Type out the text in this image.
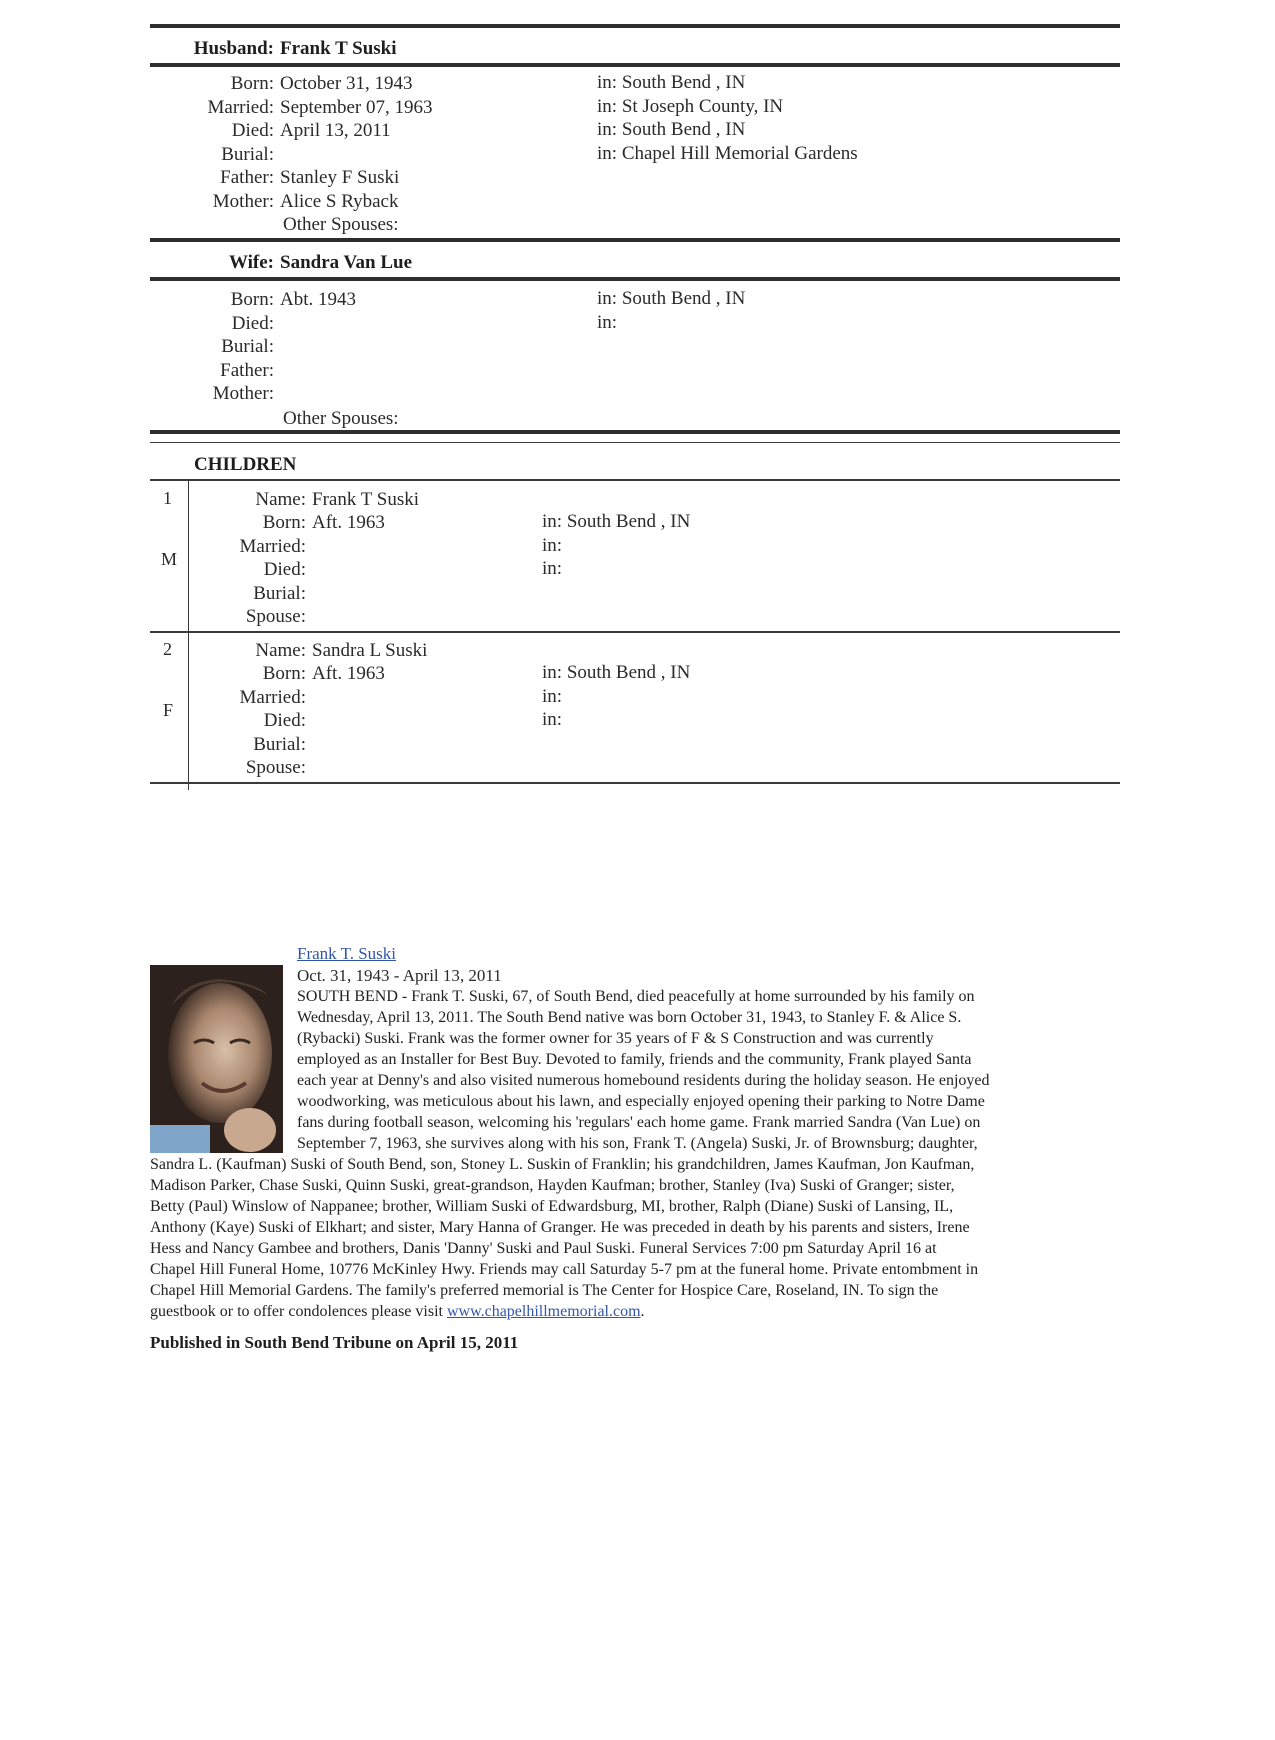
Husband: Frank T Suski
Born: October 31, 1943	in: South Bend , IN
Married: September 07, 1963	in: St Joseph County, IN
Died: April 13, 2011	in: South Bend , IN
Burial:	in: Chapel Hill Memorial Gardens
Father: Stanley F Suski
Mother: Alice S Ryback
Other Spouses:
Wife: Sandra Van Lue
Born: Abt. 1943	in: South Bend , IN
Died:	in:
Burial:
Father:
Mother:
Other Spouses:
CHILDREN
1
M
Name: Frank T Suski
Born: Aft. 1963	in: South Bend , IN
Married:	in:
Died:	in:
Burial:
Spouse:
2
F
Name: Sandra L Suski
Born: Aft. 1963	in: South Bend , IN
Married:	in:
Died:	in:
Burial:
Spouse:
Frank T. Suski
Oct. 31, 1943 - April 13, 2011
SOUTH BEND - Frank T. Suski, 67, of South Bend, died peacefully at home surrounded by his family on
Wednesday, April 13, 2011. The South Bend native was born October 31, 1943, to Stanley F. & Alice S.
(Rybacki) Suski. Frank was the former owner for 35 years of F & S Construction and was currently
employed as an Installer for Best Buy. Devoted to family, friends and the community, Frank played Santa
each year at Denny's and also visited numerous homebound residents during the holiday season. He enjoyed
woodworking, was meticulous about his lawn, and especially enjoyed opening their parking to Notre Dame
fans during football season, welcoming his 'regulars' each home game. Frank married Sandra (Van Lue) on
September 7, 1963, she survives along with his son, Frank T. (Angela) Suski, Jr. of Brownsburg; daughter,
Sandra L. (Kaufman) Suski of South Bend, son, Stoney L. Suskin of Franklin; his grandchildren, James Kaufman, Jon Kaufman,
Madison Parker, Chase Suski, Quinn Suski, great-grandson, Hayden Kaufman; brother, Stanley (Iva) Suski of Granger; sister,
Betty (Paul) Winslow of Nappanee; brother, William Suski of Edwardsburg, MI, brother, Ralph (Diane) Suski of Lansing, IL,
Anthony (Kaye) Suski of Elkhart; and sister, Mary Hanna of Granger. He was preceded in death by his parents and sisters, Irene
Hess and Nancy Gambee and brothers, Danis 'Danny' Suski and Paul Suski. Funeral Services 7:00 pm Saturday April 16 at
Chapel Hill Funeral Home, 10776 McKinley Hwy. Friends may call Saturday 5-7 pm at the funeral home. Private entombment in
Chapel Hill Memorial Gardens. The family's preferred memorial is The Center for Hospice Care, Roseland, IN. To sign the
guestbook or to offer condolences please visit www.chapelhillmemorial.com.
Published in South Bend Tribune on April 15, 2011
